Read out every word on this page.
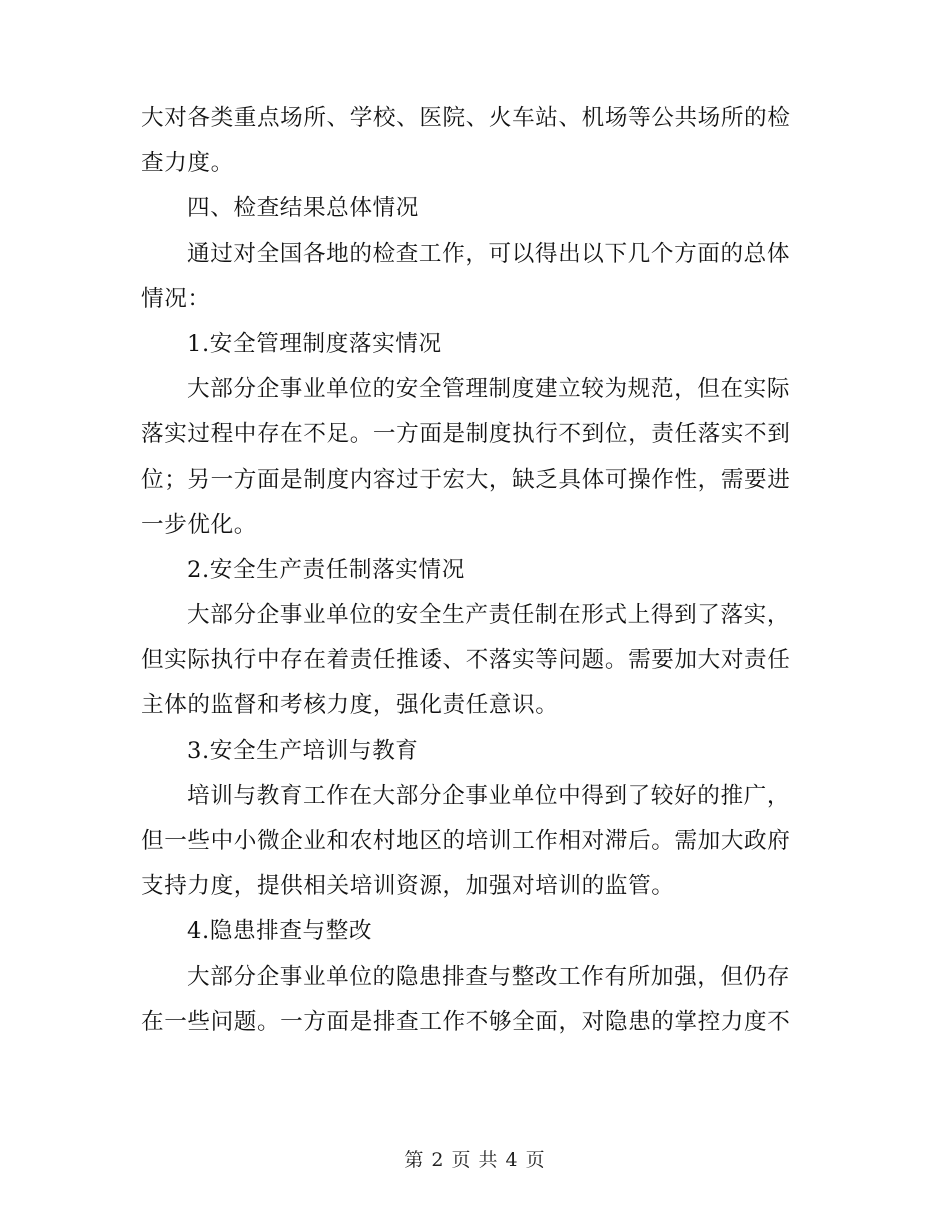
大对各类重点场所、学校、医院、火车站、机场等公共场所的检
查力度。
四、检查结果总体情况
通过对全国各地的检查工作，可以得出以下几个方面的总体
情况：
1.安全管理制度落实情况
大部分企事业单位的安全管理制度建立较为规范，但在实际
落实过程中存在不足。一方面是制度执行不到位，责任落实不到
位；另一方面是制度内容过于宏大，缺乏具体可操作性，需要进
一步优化。
2.安全生产责任制落实情况
大部分企事业单位的安全生产责任制在形式上得到了落实，
但实际执行中存在着责任推诿、不落实等问题。需要加大对责任
主体的监督和考核力度，强化责任意识。
3.安全生产培训与教育
培训与教育工作在大部分企事业单位中得到了较好的推广，
但一些中小微企业和农村地区的培训工作相对滞后。需加大政府
支持力度，提供相关培训资源，加强对培训的监管。
4.隐患排查与整改
大部分企事业单位的隐患排查与整改工作有所加强，但仍存
在一些问题。一方面是排查工作不够全面，对隐患的掌控力度不
第 2 页 共 4 页
